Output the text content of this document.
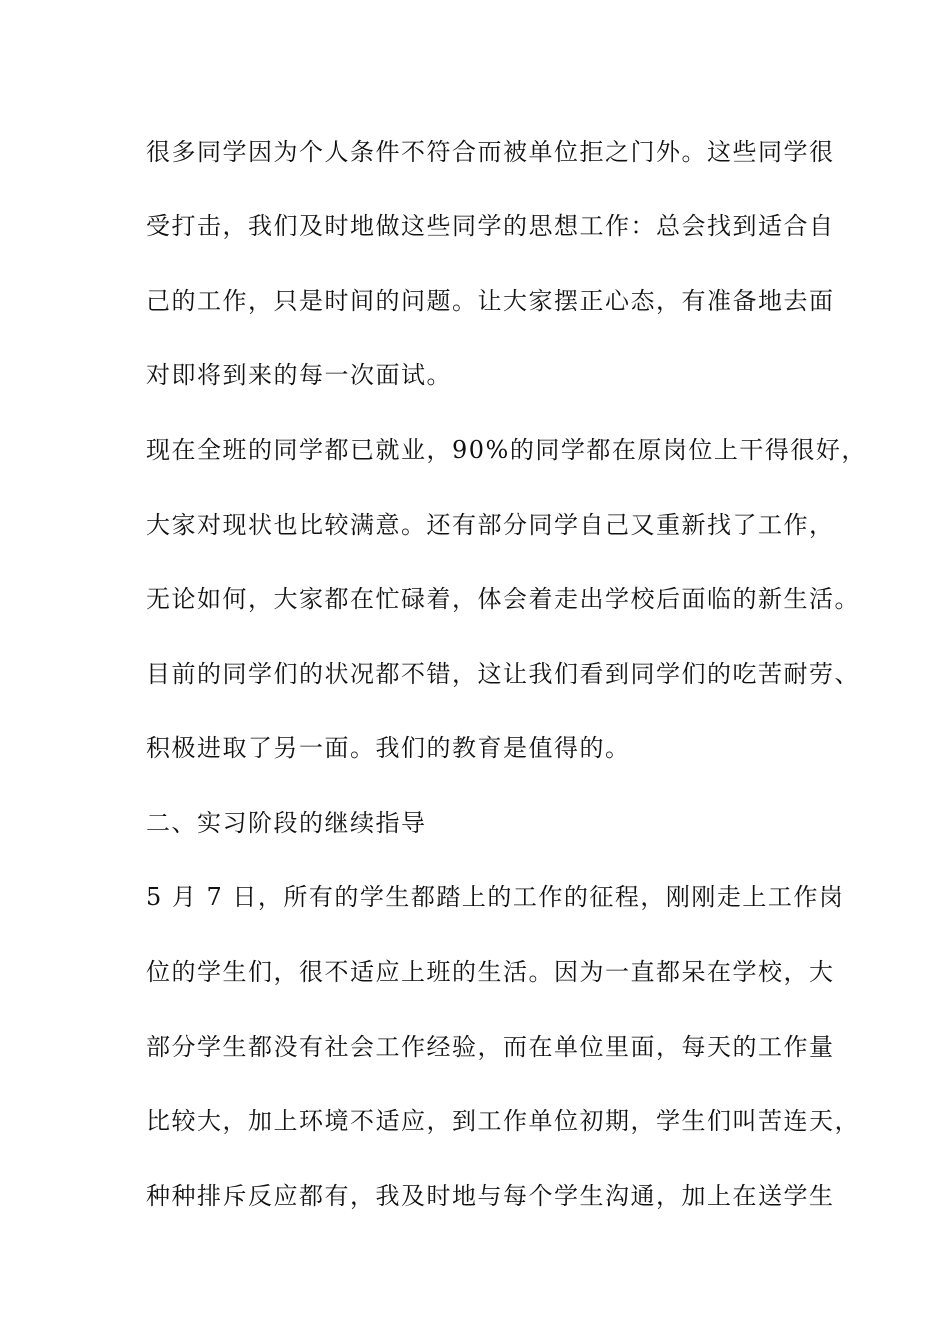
很多同学因为个人条件不符合而被单位拒之门外。这些同学很
受打击，我们及时地做这些同学的思想工作：总会找到适合自
己的工作，只是时间的问题。让大家摆正心态，有准备地去面
对即将到来的每一次面试。
现在全班的同学都已就业，90%的同学都在原岗位上干得很好，
大家对现状也比较满意。还有部分同学自己又重新找了工作，
无论如何，大家都在忙碌着，体会着走出学校后面临的新生活。
目前的同学们的状况都不错，这让我们看到同学们的吃苦耐劳、
积极进取了另一面。我们的教育是值得的。
二、实习阶段的继续指导
5 月 7 日，所有的学生都踏上的工作的征程，刚刚走上工作岗
位的学生们，很不适应上班的生活。因为一直都呆在学校，大
部分学生都没有社会工作经验，而在单位里面，每天的工作量
比较大，加上环境不适应，到工作单位初期，学生们叫苦连天，
种种排斥反应都有，我及时地与每个学生沟通，加上在送学生
